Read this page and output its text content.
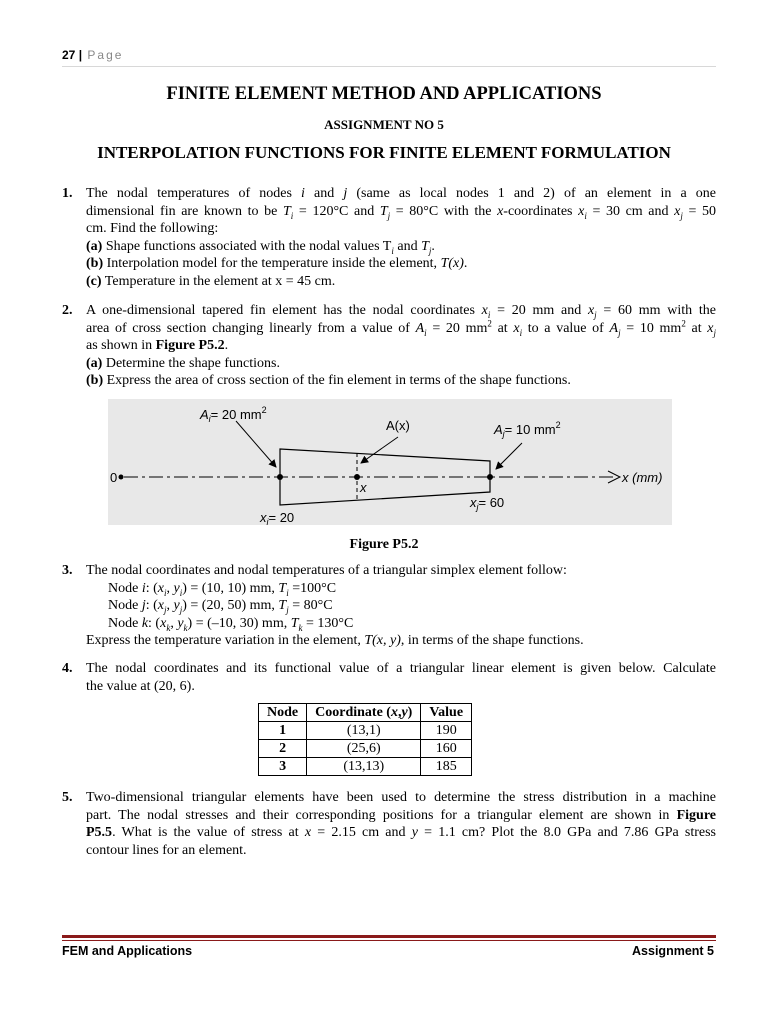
27 | Page
FINITE ELEMENT METHOD AND APPLICATIONS
ASSIGNMENT NO 5
INTERPOLATION FUNCTIONS FOR FINITE ELEMENT FORMULATION
1. The nodal temperatures of nodes i and j (same as local nodes 1 and 2) of an element in a one
dimensional fin are known to be $T_i = 120^\circ C$ and $T_j = 80^\circ C$ with the x-coordinates $x_i = 30$ cm and $x_j = 50$
cm. Find the following:
(a) Shape functions associated with the nodal values $T_i$ and $T_j$.
(b) Interpolation model for the temperature inside the element, T(x).
(c) Temperature in the element at x = 45 cm.
2. A one-dimensional tapered fin element has the nodal coordinates $x_i = 20$ mm and $x_j = 60$ mm with the
area of cross section changing linearly from a value of $A_i = 20$ $mm^2$ at $x_i$ to a value of $A_j = 10$ $mm^2$ at $x_j$
as shown in Figure P5.2.
(a) Determine the shape functions.
(b) Express the area of cross section of the fin element in terms of the shape functions.
0	x (mm)
$A_i= 20$ $mm^2$
A(x)	$A_j= 10$ $mm^2$
x
$x_i= 20$
$x_j= 60$
Figure P5.2
3. The nodal coordinates and nodal temperatures of a triangular simplex element follow:
Node i: ($x_i$, $y_i) = (10$, 10) mm, $T_i =100^\circ C$
Node j: ($x_j$, $y_j) = (20$, 50) mm, $T_j = 80^\circ C$
Node k: ($x_k$, $y_k) = (-10$, 30) mm, $T_k = 130^\circ C$
Express the temperature variation in the element, T(x, y), in terms of the shape functions.
4. The nodal coordinates and its functional value of a triangular linear element is given below. Calculate
the value at (20, 6).
Node	Coordinate (x,y)	Value
1	(13,1)	190
2	(25,6)	160
3	(13,13)	185
5. Two-dimensional triangular elements have been used to determine the stress distribution in a machine
part. The nodal stresses and their corresponding positions for a triangular element are shown in Figure
P5.5. What is the value of stress at x = 2.15 cm and y = 1.1 cm? Plot the 8.0 GPa and 7.86 GPa stress
contour lines for an element.
FEM and Applications	Assignment 5
